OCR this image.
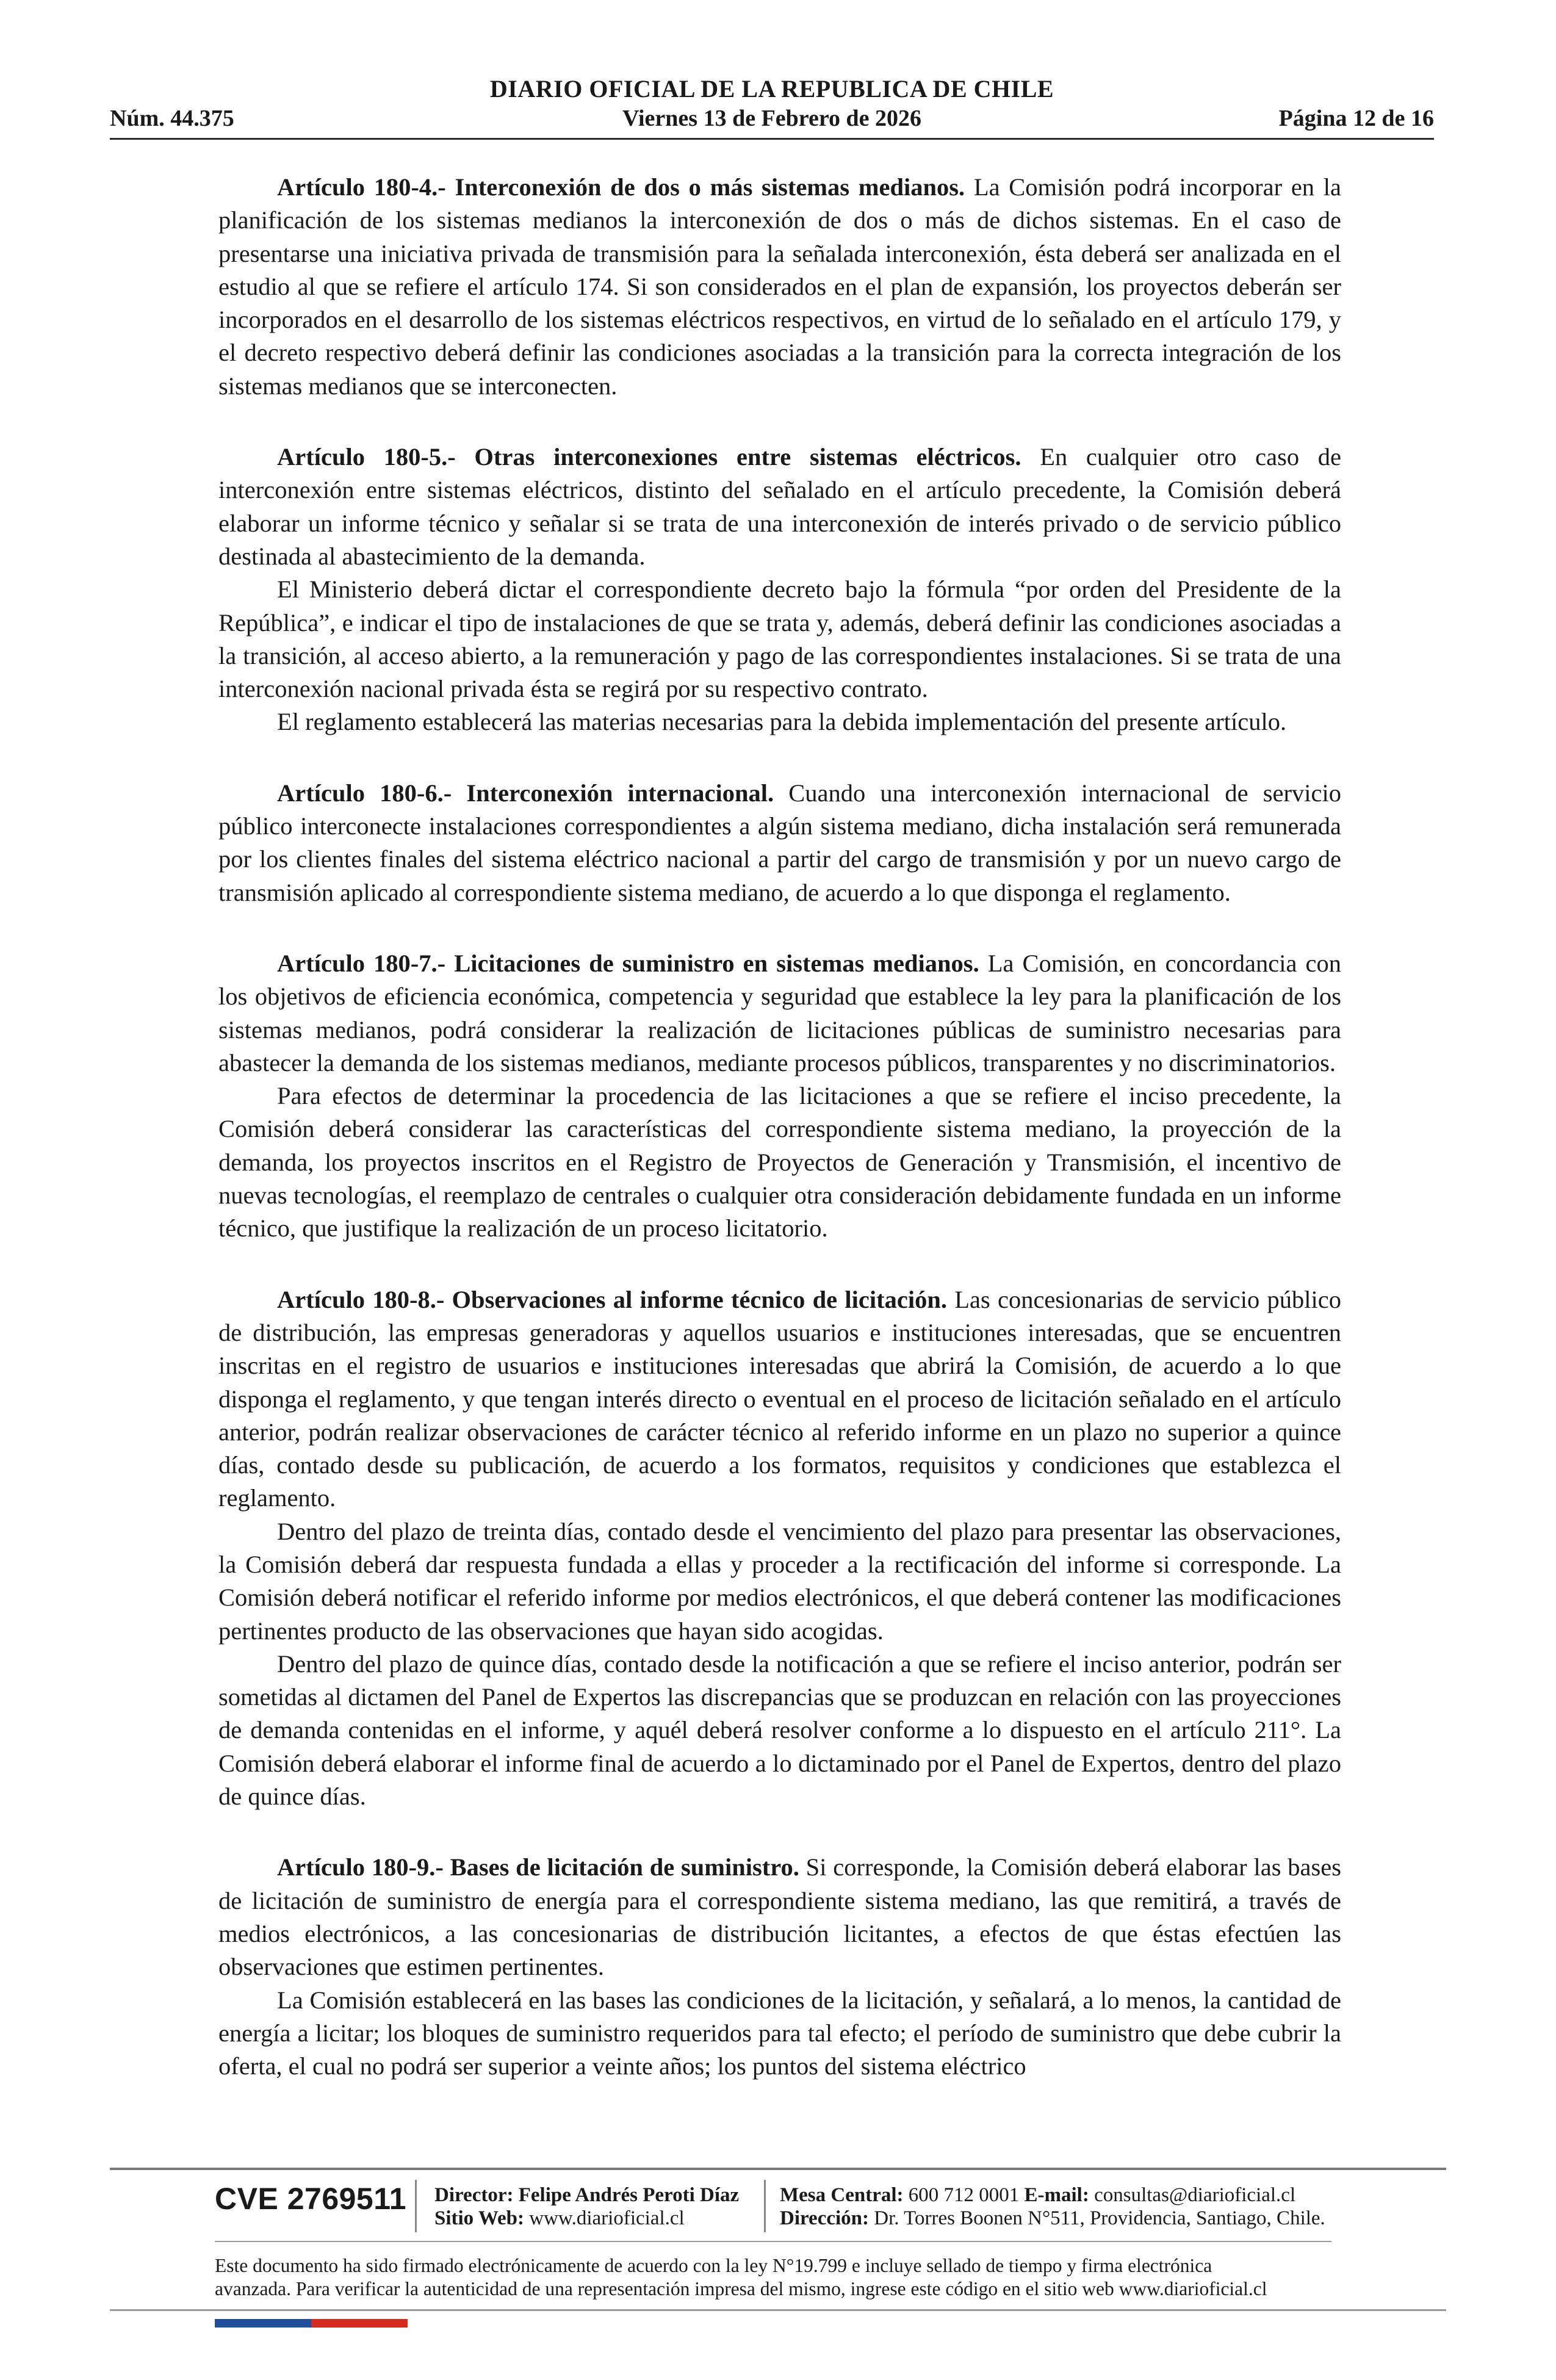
DIARIO OFICIAL DE LA REPUBLICA DE CHILE
Núm. 44.375	Viernes 13 de Febrero de 2026	Página 12 de 16

Artículo 180-4.- Interconexión de dos o más sistemas medianos. La Comisión podrá incorporar en la planificación de los sistemas medianos la interconexión de dos o más de dichos sistemas. En el caso de presentarse una iniciativa privada de transmisión para la señalada interconexión, ésta deberá ser analizada en el estudio al que se refiere el artículo 174. Si son considerados en el plan de expansión, los proyectos deberán ser incorporados en el desarrollo de los sistemas eléctricos respectivos, en virtud de lo señalado en el artículo 179, y el decreto respectivo deberá definir las condiciones asociadas a la transición para la correcta integración de los sistemas medianos que se interconecten.

Artículo 180-5.- Otras interconexiones entre sistemas eléctricos. En cualquier otro caso de interconexión entre sistemas eléctricos, distinto del señalado en el artículo precedente, la Comisión deberá elaborar un informe técnico y señalar si se trata de una interconexión de interés privado o de servicio público destinada al abastecimiento de la demanda.

El Ministerio deberá dictar el correspondiente decreto bajo la fórmula “por orden del Presidente de la República”, e indicar el tipo de instalaciones de que se trata y, además, deberá definir las condiciones asociadas a la transición, al acceso abierto, a la remuneración y pago de las correspondientes instalaciones. Si se trata de una interconexión nacional privada ésta se regirá por su respectivo contrato.

El reglamento establecerá las materias necesarias para la debida implementación del presente artículo.

Artículo 180-6.- Interconexión internacional. Cuando una interconexión internacional de servicio público interconecte instalaciones correspondientes a algún sistema mediano, dicha instalación será remunerada por los clientes finales del sistema eléctrico nacional a partir del cargo de transmisión y por un nuevo cargo de transmisión aplicado al correspondiente sistema mediano, de acuerdo a lo que disponga el reglamento.

Artículo 180-7.- Licitaciones de suministro en sistemas medianos. La Comisión, en concordancia con los objetivos de eficiencia económica, competencia y seguridad que establece la ley para la planificación de los sistemas medianos, podrá considerar la realización de licitaciones públicas de suministro necesarias para abastecer la demanda de los sistemas medianos, mediante procesos públicos, transparentes y no discriminatorios.

Para efectos de determinar la procedencia de las licitaciones a que se refiere el inciso precedente, la Comisión deberá considerar las características del correspondiente sistema mediano, la proyección de la demanda, los proyectos inscritos en el Registro de Proyectos de Generación y Transmisión, el incentivo de nuevas tecnologías, el reemplazo de centrales o cualquier otra consideración debidamente fundada en un informe técnico, que justifique la realización de un proceso licitatorio.

Artículo 180-8.- Observaciones al informe técnico de licitación. Las concesionarias de servicio público de distribución, las empresas generadoras y aquellos usuarios e instituciones interesadas, que se encuentren inscritas en el registro de usuarios e instituciones interesadas que abrirá la Comisión, de acuerdo a lo que disponga el reglamento, y que tengan interés directo o eventual en el proceso de licitación señalado en el artículo anterior, podrán realizar observaciones de carácter técnico al referido informe en un plazo no superior a quince días, contado desde su publicación, de acuerdo a los formatos, requisitos y condiciones que establezca el reglamento.

Dentro del plazo de treinta días, contado desde el vencimiento del plazo para presentar las observaciones, la Comisión deberá dar respuesta fundada a ellas y proceder a la rectificación del informe si corresponde. La Comisión deberá notificar el referido informe por medios electrónicos, el que deberá contener las modificaciones pertinentes producto de las observaciones que hayan sido acogidas.

Dentro del plazo de quince días, contado desde la notificación a que se refiere el inciso anterior, podrán ser sometidas al dictamen del Panel de Expertos las discrepancias que se produzcan en relación con las proyecciones de demanda contenidas en el informe, y aquél deberá resolver conforme a lo dispuesto en el artículo 211°. La Comisión deberá elaborar el informe final de acuerdo a lo dictaminado por el Panel de Expertos, dentro del plazo de quince días.

Artículo 180-9.- Bases de licitación de suministro. Si corresponde, la Comisión deberá elaborar las bases de licitación de suministro de energía para el correspondiente sistema mediano, las que remitirá, a través de medios electrónicos, a las concesionarias de distribución licitantes, a efectos de que éstas efectúen las observaciones que estimen pertinentes.

La Comisión establecerá en las bases las condiciones de la licitación, y señalará, a lo menos, la cantidad de energía a licitar; los bloques de suministro requeridos para tal efecto; el período de suministro que debe cubrir la oferta, el cual no podrá ser superior a veinte años; los puntos del sistema eléctrico

CVE 2769511 Director: Felipe Andrés Peroti Díaz
Sitio Web: www.diarioficial.cl
Mesa Central: 600 712 0001 E-mail: consultas@diarioficial.cl
Dirección: Dr. Torres Boonen N°511, Providencia, Santiago, Chile.
Este documento ha sido firmado electrónicamente de acuerdo con la ley N°19.799 e incluye sellado de tiempo y firma electrónica
avanzada. Para verificar la autenticidad de una representación impresa del mismo, ingrese este código en el sitio web www.diarioficial.cl
